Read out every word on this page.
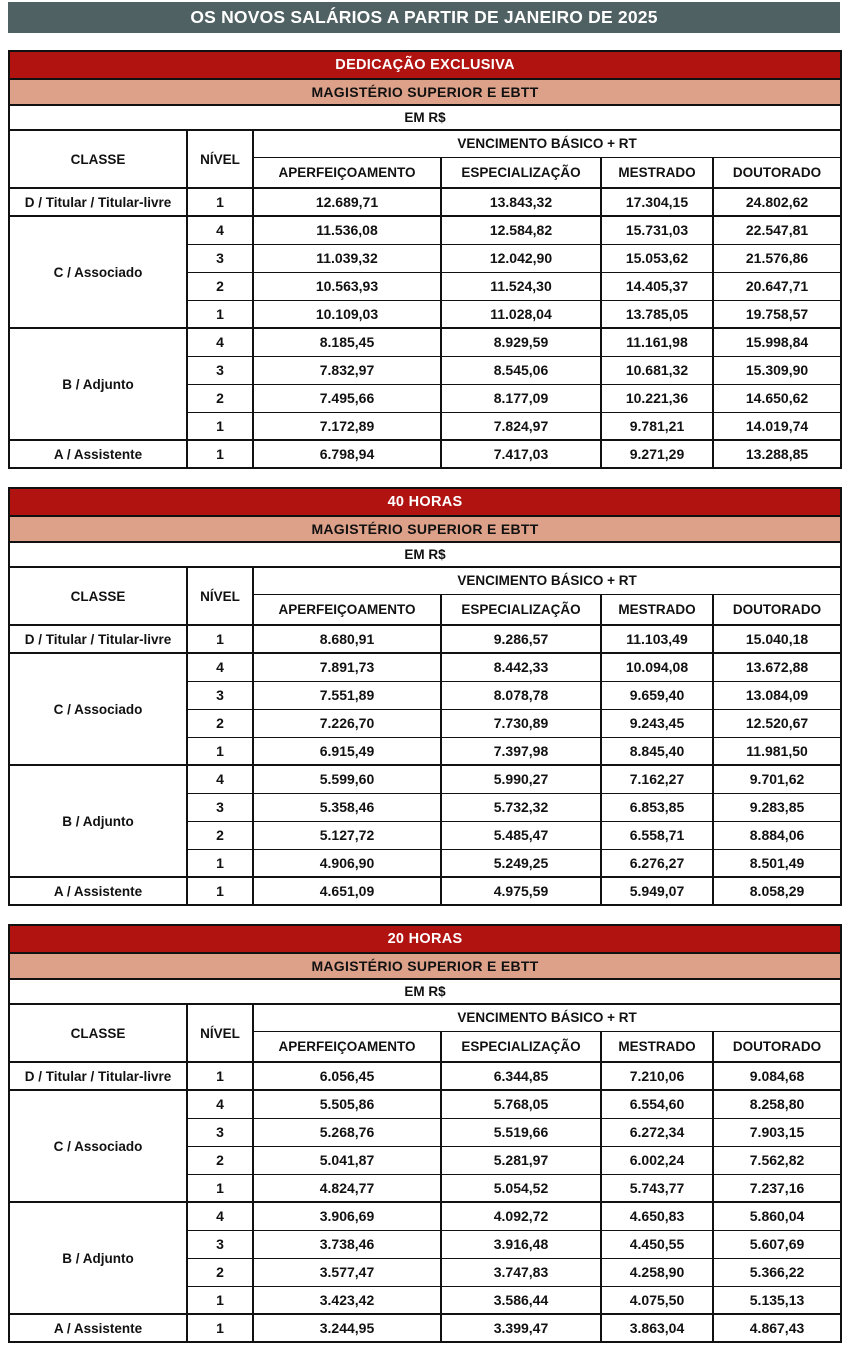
OS NOVOS SALÁRIOS A PARTIR DE JANEIRO DE 2025
DEDICAÇÃO EXCLUSIVA					
MAGISTÉRIO SUPERIOR E EBTT					
EM R$					
CLASSE	NÍVEL	VENCIMENTO BÁSICO + RT			
		APERFEIÇOAMENTO	ESPECIALIZAÇÃO	MESTRADO	DOUTORADO
D / Titular / Titular-livre	1	12.689,71	13.843,32	17.304,15	24.802,62
C / Associado	4	11.536,08	12.584,82	15.731,03	22.547,81
	3	11.039,32	12.042,90	15.053,62	21.576,86
	2	10.563,93	11.524,30	14.405,37	20.647,71
	1	10.109,03	11.028,04	13.785,05	19.758,57
B / Adjunto	4	8.185,45	8.929,59	11.161,98	15.998,84
	3	7.832,97	8.545,06	10.681,32	15.309,90
	2	7.495,66	8.177,09	10.221,36	14.650,62
	1	7.172,89	7.824,97	9.781,21	14.019,74
A / Assistente	1	6.798,94	7.417,03	9.271,29	13.288,85
40 HORAS					
MAGISTÉRIO SUPERIOR E EBTT					
EM R$					
CLASSE	NÍVEL	VENCIMENTO BÁSICO + RT			
		APERFEIÇOAMENTO	ESPECIALIZAÇÃO	MESTRADO	DOUTORADO
D / Titular / Titular-livre	1	8.680,91	9.286,57	11.103,49	15.040,18
C / Associado	4	7.891,73	8.442,33	10.094,08	13.672,88
	3	7.551,89	8.078,78	9.659,40	13.084,09
	2	7.226,70	7.730,89	9.243,45	12.520,67
	1	6.915,49	7.397,98	8.845,40	11.981,50
B / Adjunto	4	5.599,60	5.990,27	7.162,27	9.701,62
	3	5.358,46	5.732,32	6.853,85	9.283,85
	2	5.127,72	5.485,47	6.558,71	8.884,06
	1	4.906,90	5.249,25	6.276,27	8.501,49
A / Assistente	1	4.651,09	4.975,59	5.949,07	8.058,29
20 HORAS					
MAGISTÉRIO SUPERIOR E EBTT					
EM R$					
CLASSE	NÍVEL	VENCIMENTO BÁSICO + RT			
		APERFEIÇOAMENTO	ESPECIALIZAÇÃO	MESTRADO	DOUTORADO
D / Titular / Titular-livre	1	6.056,45	6.344,85	7.210,06	9.084,68
C / Associado	4	5.505,86	5.768,05	6.554,60	8.258,80
	3	5.268,76	5.519,66	6.272,34	7.903,15
	2	5.041,87	5.281,97	6.002,24	7.562,82
	1	4.824,77	5.054,52	5.743,77	7.237,16
B / Adjunto	4	3.906,69	4.092,72	4.650,83	5.860,04
	3	3.738,46	3.916,48	4.450,55	5.607,69
	2	3.577,47	3.747,83	4.258,90	5.366,22
	1	3.423,42	3.586,44	4.075,50	5.135,13
A / Assistente	1	3.244,95	3.399,47	3.863,04	4.867,43
